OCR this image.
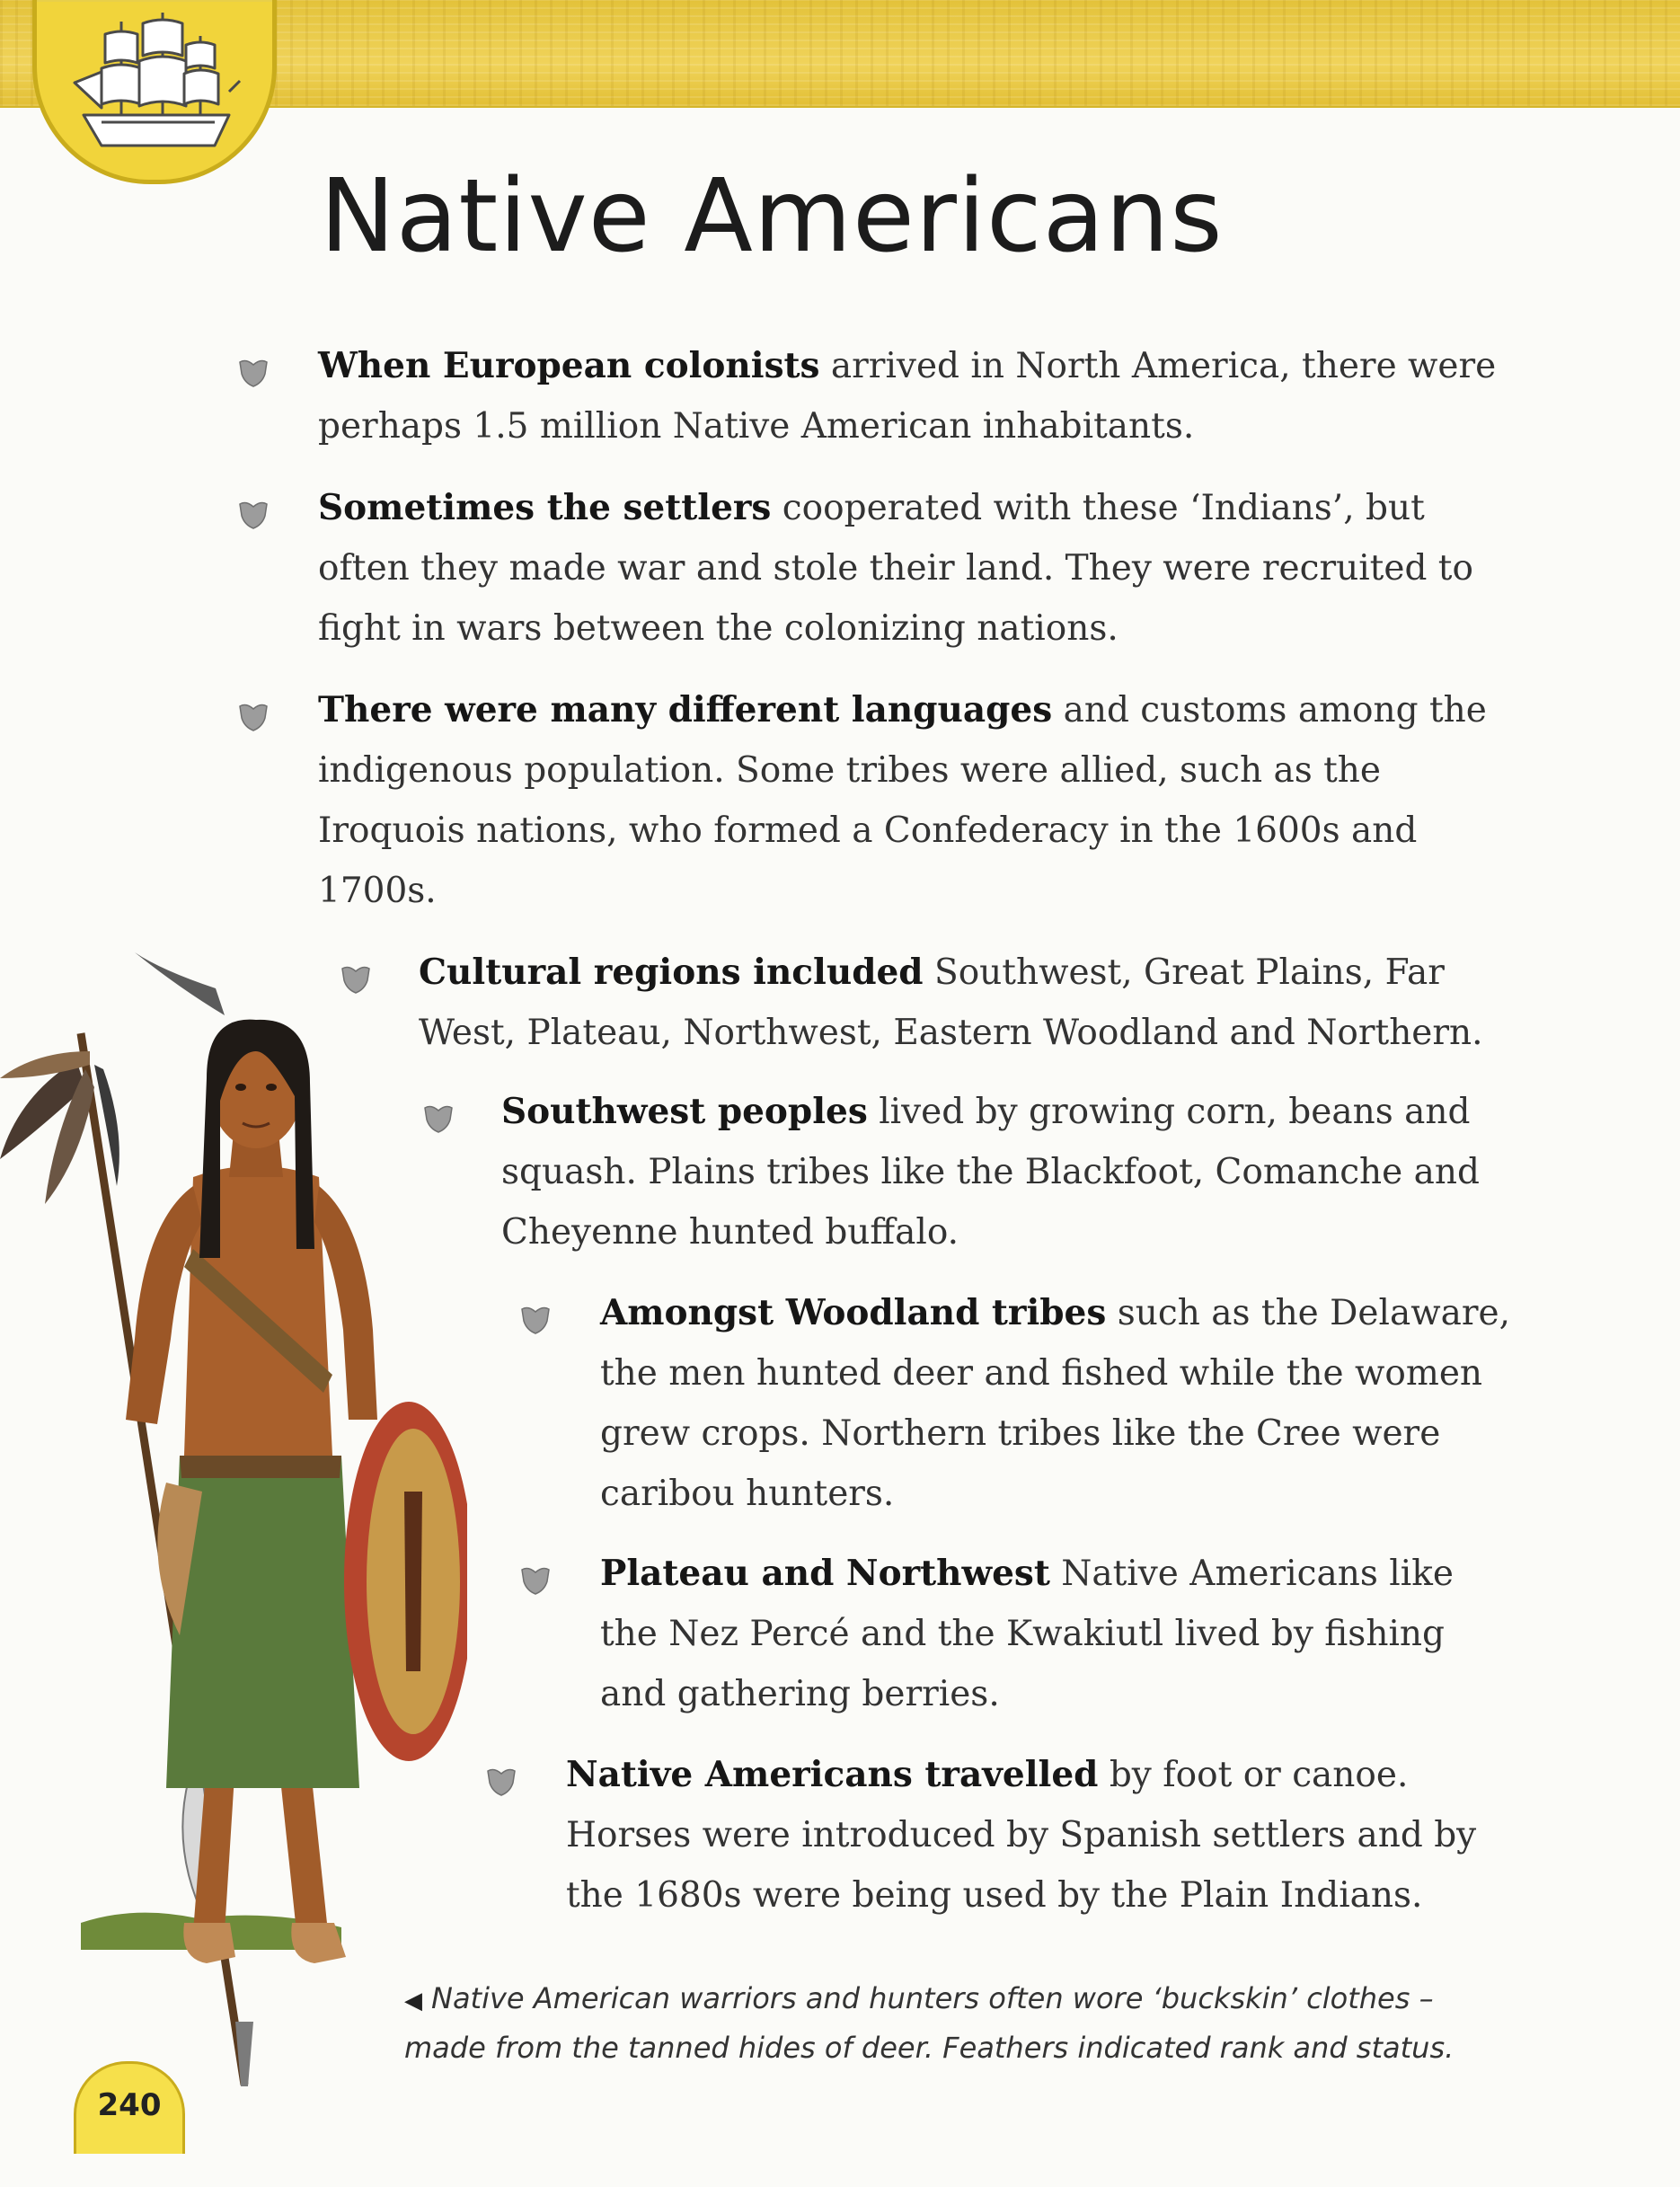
Native Americans
When European colonists arrived in North America, there were perhaps 1.5 million Native American inhabitants.
Sometimes the settlers cooperated with these ‘Indians’, but often they made war and stole their land. They were recruited to fight in wars between the colonizing nations.
There were many different languages and customs among the indigenous population. Some tribes were allied, such as the Iroquois nations, who formed a Confederacy in the 1600s and 1700s.
Cultural regions included Southwest, Great Plains, Far West, Plateau, Northwest, Eastern Woodland and Northern.
Southwest peoples lived by growing corn, beans and squash. Plains tribes like the Blackfoot, Comanche and Cheyenne hunted buffalo.
Amongst Woodland tribes such as the Delaware, the men hunted deer and fished while the women grew crops. Northern tribes like the Cree were caribou hunters.
Plateau and Northwest Native Americans like the Nez Percé and the Kwakiutl lived by fishing and gathering berries.
Native Americans travelled by foot or canoe. Horses were introduced by Spanish settlers and by the 1680s were being used by the Plain Indians.
◀ Native American warriors and hunters often wore ‘buckskin’ clothes – made from the tanned hides of deer. Feathers indicated rank and status.
240
